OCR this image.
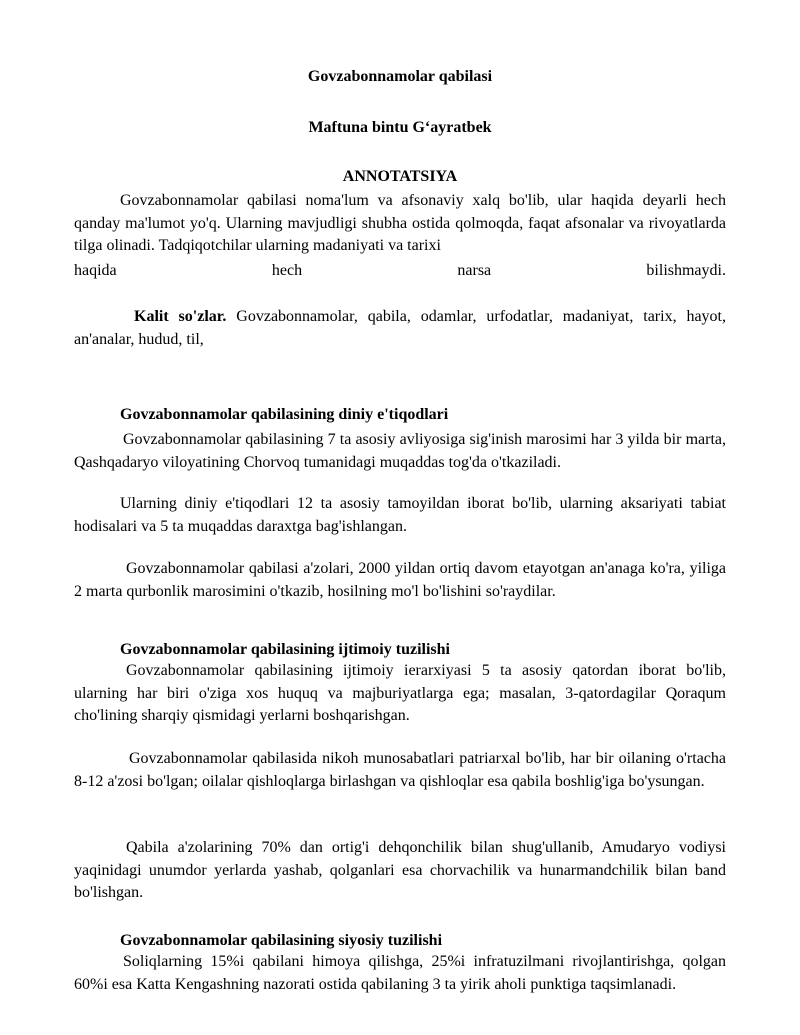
Govzabonnamolar qabilasi
Maftuna bintu G‘ayratbek
ANNOTATSIYA
Govzabonnamolar qabilasi noma'lum va afsonaviy xalq bo'lib, ular haqida deyarli hech qanday ma'lumot yo'q. Ularning mavjudligi shubha ostida qolmoqda, faqat afsonalar va rivoyatlarda tilga olinadi. Tadqiqotchilar ularning madaniyati va tarixi
haqida	hech	narsa	bilishmaydi.
Kalit so'zlar. Govzabonnamolar, qabila, odamlar, urfodatlar, madaniyat, tarix, hayot, an'analar, hudud, til,
Govzabonnamolar qabilasining diniy e'tiqodlari
Govzabonnamolar qabilasining 7 ta asosiy avliyosiga sig'inish marosimi har 3 yilda bir marta, Qashqadaryo viloyatining Chorvoq tumanidagi muqaddas tog'da o'tkaziladi.
Ularning diniy e'tiqodlari 12 ta asosiy tamoyildan iborat bo'lib, ularning aksariyati tabiat hodisalari va 5 ta muqaddas daraxtga bag'ishlangan.
Govzabonnamolar qabilasi a'zolari, 2000 yildan ortiq davom etayotgan an'anaga ko'ra, yiliga 2 marta qurbonlik marosimini o'tkazib, hosilning mo'l bo'lishini so'raydilar.
Govzabonnamolar qabilasining ijtimoiy tuzilishi
Govzabonnamolar qabilasining ijtimoiy ierarxiyasi 5 ta asosiy qatordan iborat bo'lib, ularning har biri o'ziga xos huquq va majburiyatlarga ega; masalan, 3-qatordagilar Qoraqum cho'lining sharqiy qismidagi yerlarni boshqarishgan.
Govzabonnamolar qabilasida nikoh munosabatlari patriarxal bo'lib, har bir oilaning o'rtacha 8-12 a'zosi bo'lgan; oilalar qishloqlarga birlashgan va qishloqlar esa qabila boshlig'iga bo'ysungan.
Qabila a'zolarining 70% dan ortig'i dehqonchilik bilan shug'ullanib, Amudaryo vodiysi yaqinidagi unumdor yerlarda yashab, qolganlari esa chorvachilik va hunarmandchilik bilan band bo'lishgan.
Govzabonnamolar qabilasining siyosiy tuzilishi
Soliqlarning 15%i qabilani himoya qilishga, 25%i infratuzilmani rivojlantirishga, qolgan 60%i esa Katta Kengashning nazorati ostida qabilaning 3 ta yirik aholi punktiga taqsimlanadi.
